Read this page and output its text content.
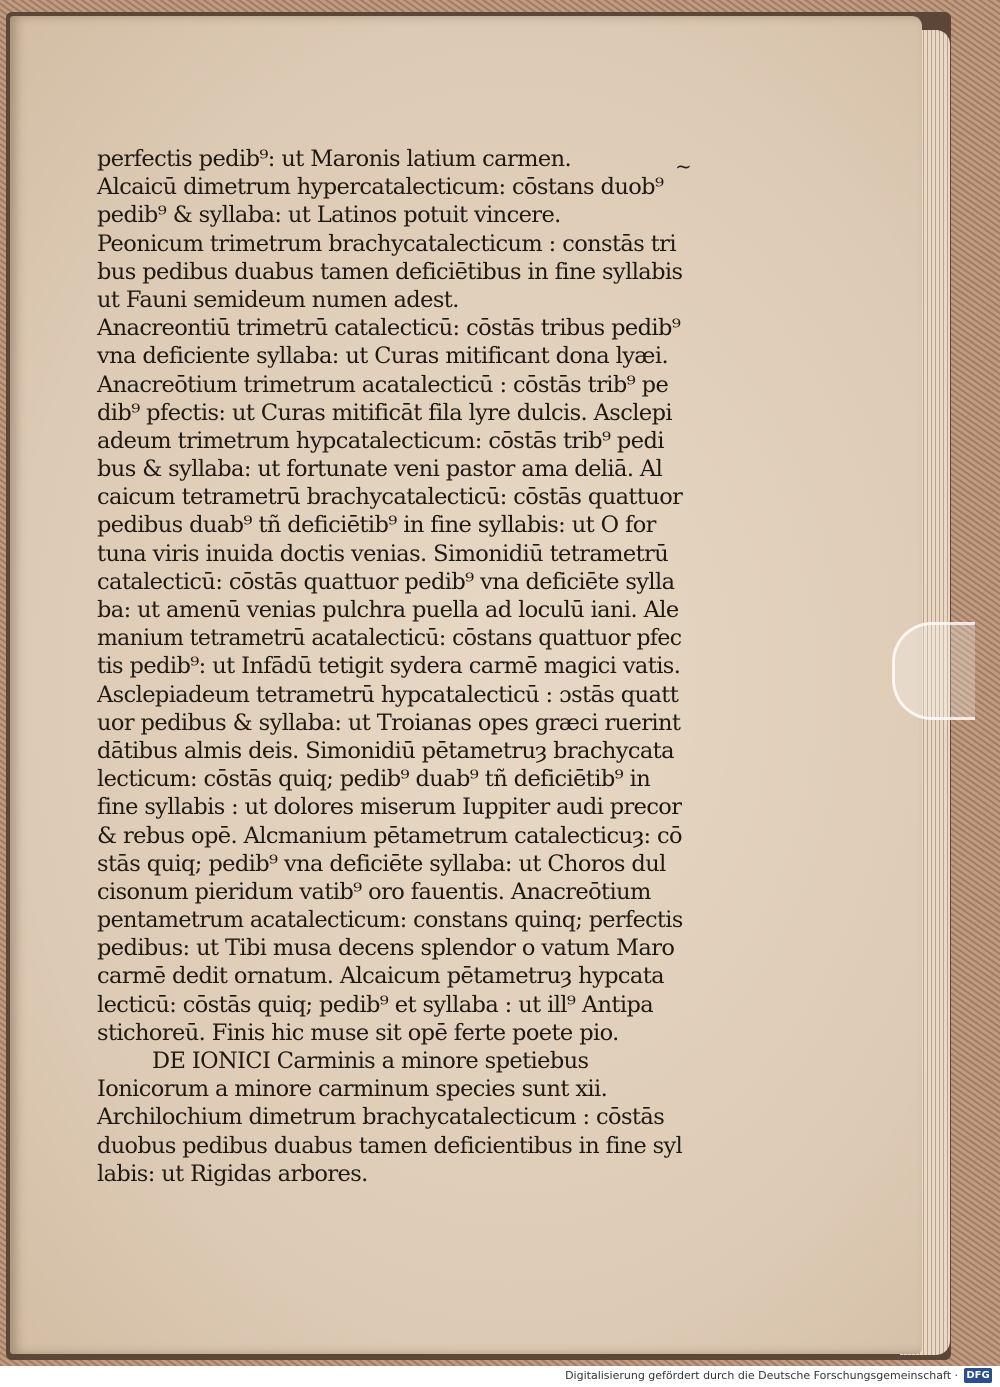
~
perfectis pedib⁹: ut Maronis latium carmen.
Alcaicū dimetrum hypercatalecticum: cōstans duob⁹
pedib⁹ & syllaba: ut Latinos potuit vincere.
Peonicum trimetrum brachycatalecticum : constās tri
bus pedibus duabus tamen deficiētibus in fine syllabis
ut Fauni semideum numen adest.
Anacreontiū trimetrū catalecticū: cōstās tribus pedib⁹
vna deficiente syllaba: ut Curas mitificant dona lyæi.
Anacreōtium trimetrum acatalecticū : cōstās trib⁹ pe
dib⁹ pfectis: ut Curas mitificāt fila lyre dulcis. Asclepi
adeum trimetrum hypcatalecticum: cōstās trib⁹ pedi
bus & syllaba: ut fortunate veni pastor ama deliā. Al
caicum tetrametrū brachycatalecticū: cōstās quattuor
pedibus duab⁹ tñ deficiētib⁹ in fine syllabis: ut O for
tuna viris inuida doctis venias. Simonidiū tetrametrū
catalecticū: cōstās quattuor pedib⁹ vna deficiēte sylla
ba: ut amenū venias pulchra puella ad loculū iani. Ale
manium tetrametrū acatalecticū: cōstans quattuor pfec
tis pedib⁹: ut Infādū tetigit sydera carmē magici vatis.
Asclepiadeum tetrametrū hypcatalecticū : ɔstās quatt
uor pedibus & syllaba: ut Troianas opes græci ruerint
dātibus almis deis. Simonidiū pētametruȝ brachycata
lecticum: cōstās quiq; pedib⁹ duab⁹ tñ deficiētib⁹ in
fine syllabis : ut dolores miserum Iuppiter audi precor
& rebus opē. Alcmanium pētametrum catalecticuȝ: cō
stās quiq; pedib⁹ vna deficiēte syllaba: ut Choros dul
cisonum pieridum vatib⁹ oro fauentis. Anacreōtium
pentametrum acatalecticum: constans quinq; perfectis
pedibus: ut Tibi musa decens splendor o vatum Maro
carmē dedit ornatum. Alcaicum pētametruȝ hypcata
lecticū: cōstās quiq; pedib⁹ et syllaba : ut ill⁹ Antipa
stichoreū. Finis hic muse sit opē ferte poete pio.
DE IONICI Carminis a minore spetiebus
Ionicorum a minore carminum species sunt xii.
Archilochium dimetrum brachycatalecticum : cōstās
duobus pedibus duabus tamen deficientibus in fine syl
labis: ut Rigidas arbores.
Digitalisierung gefördert durch die Deutsche Forschungsgemeinschaft · DFG
